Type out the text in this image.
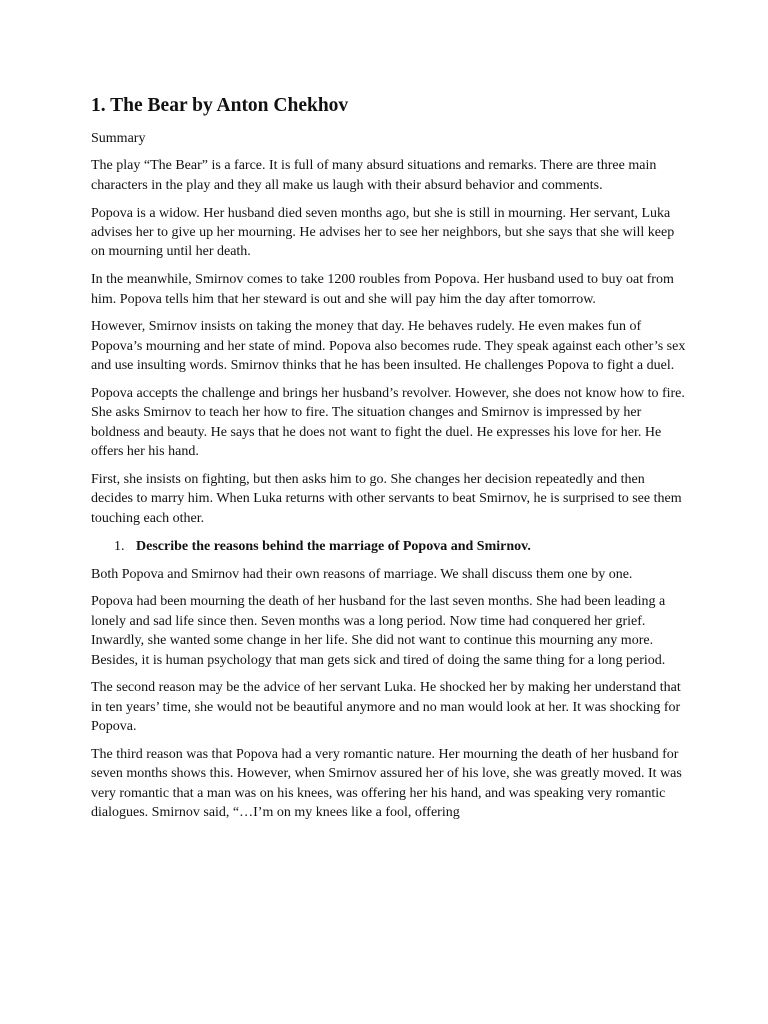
1. The Bear by Anton Chekhov

Summary

The play “The Bear” is a farce. It is full of many absurd situations and remarks. There are three main characters in the play and they all make us laugh with their absurd behavior and comments.

Popova is a widow. Her husband died seven months ago, but she is still in mourning. Her servant, Luka advises her to give up her mourning. He advises her to see her neighbors, but she says that she will keep on mourning until her death.

In the meanwhile, Smirnov comes to take 1200 roubles from Popova. Her husband used to buy oat from him. Popova tells him that her steward is out and she will pay him the day after tomorrow.

However, Smirnov insists on taking the money that day. He behaves rudely. He even makes fun of Popova’s mourning and her state of mind. Popova also becomes rude. They speak against each other’s sex and use insulting words. Smirnov thinks that he has been insulted. He challenges Popova to fight a duel.

Popova accepts the challenge and brings her husband’s revolver. However, she does not know how to fire. She asks Smirnov to teach her how to fire. The situation changes and Smirnov is impressed by her boldness and beauty. He says that he does not want to fight the duel. He expresses his love for her. He offers her his hand.

First, she insists on fighting, but then asks him to go. She changes her decision repeatedly and then decides to marry him. When Luka returns with other servants to beat Smirnov, he is surprised to see them touching each other.

1. Describe the reasons behind the marriage of Popova and Smirnov.

Both Popova and Smirnov had their own reasons of marriage. We shall discuss them one by one.

Popova had been mourning the death of her husband for the last seven months. She had been leading a lonely and sad life since then. Seven months was a long period. Now time had conquered her grief. Inwardly, she wanted some change in her life. She did not want to continue this mourning any more. Besides, it is human psychology that man gets sick and tired of doing the same thing for a long period.

The second reason may be the advice of her servant Luka. He shocked her by making her understand that in ten years’ time, she would not be beautiful anymore and no man would look at her. It was shocking for Popova.

The third reason was that Popova had a very romantic nature. Her mourning the death of her husband for seven months shows this. However, when Smirnov assured her of his love, she was greatly moved. It was very romantic that a man was on his knees, was offering her his hand, and was speaking very romantic dialogues. Smirnov said, “…I’m on my knees like a fool, offering
